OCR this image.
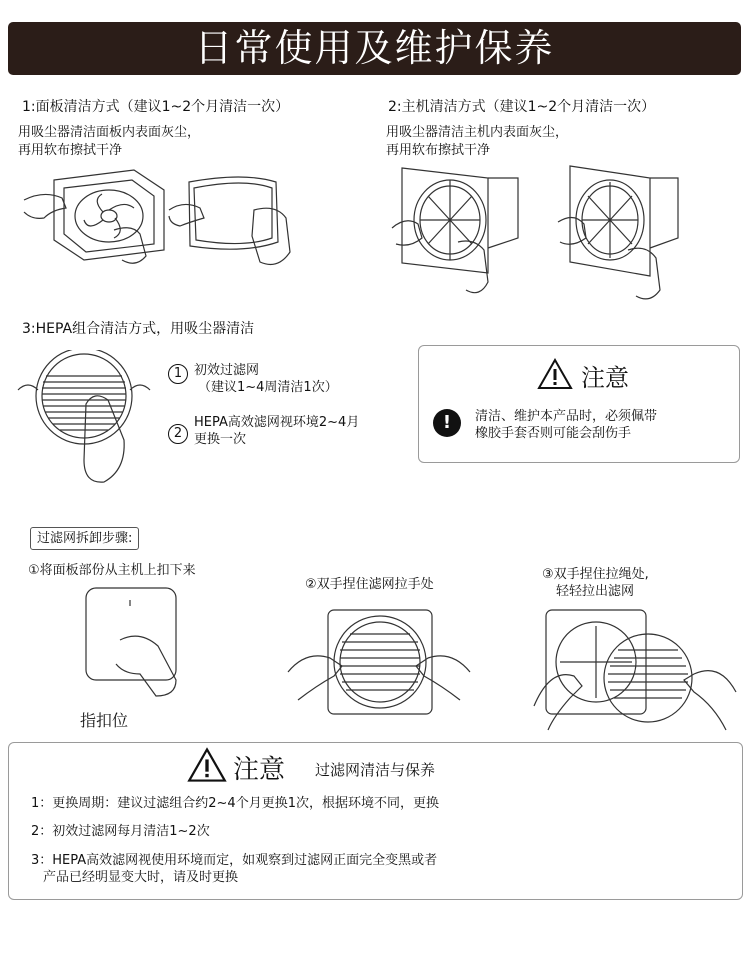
日常使用及维护保养
1:面板清洁方式（建议1~2个月清洁一次）
用吸尘器清洁面板内表面灰尘，
再用软布擦拭干净
2:主机清洁方式（建议1~2个月清洁一次）
用吸尘器清洁主机内表面灰尘，
再用软布擦拭干净
3:HEPA组合清洁方式，用吸尘器清洁
1 初效过滤网
（建议1~4周清洁1次）
2
HEPA高效滤网视环境2~4月
更换一次
注意
!	清洁、维护本产品时，必须佩带
橡胶手套否则可能会刮伤手
过滤网拆卸步骤:
①将面板部份从主机上扣下来
②双手捏住滤网拉手处
③双手捏住拉绳处,
轻轻拉出滤网
指扣位
注意 过滤网清洁与保养
1：更换周期：建议过滤组合约2~4个月更换1次，根据环境不同，更换
2：初效过滤网每月清洁1~2次
3：HEPA高效滤网视使用环境而定，如观察到过滤网正面完全变黑或者
产品已经明显变大时，请及时更换
